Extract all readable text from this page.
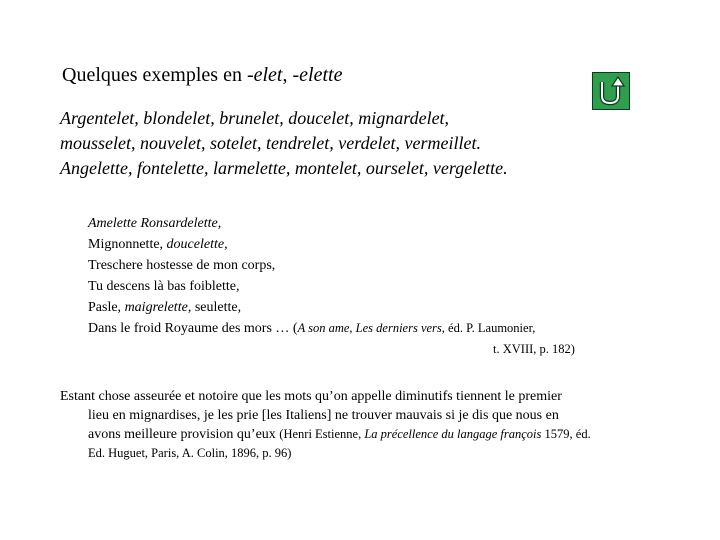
Quelques exemples en -elet, -elette
Argentelet, blondelet, brunelet, doucelet, mignardelet,
mousselet, nouvelet, sotelet, tendrelet, verdelet, vermeillet.
Angelette, fontelette, larmelette, montelet, ourselet, vergelette.
Amelette Ronsardelette,
Mignonnette, doucelette,
Treschere hostesse de mon corps,
Tu descens là bas foiblette,
Pasle, maigrelette, seulette,
Dans le froid Royaume des mors … (A son ame, Les derniers vers, éd. P. Laumonier,
t. XVIII, p. 182)
Estant chose asseurée et notoire que les mots qu’on appelle diminutifs tiennent le premier
lieu en mignardises, je les prie [les Italiens] ne trouver mauvais si je dis que nous en
avons meilleure provision qu’eux (Henri Estienne, La précellence du langage françois 1579, éd.
Ed. Huguet, Paris, A. Colin, 1896, p. 96)
